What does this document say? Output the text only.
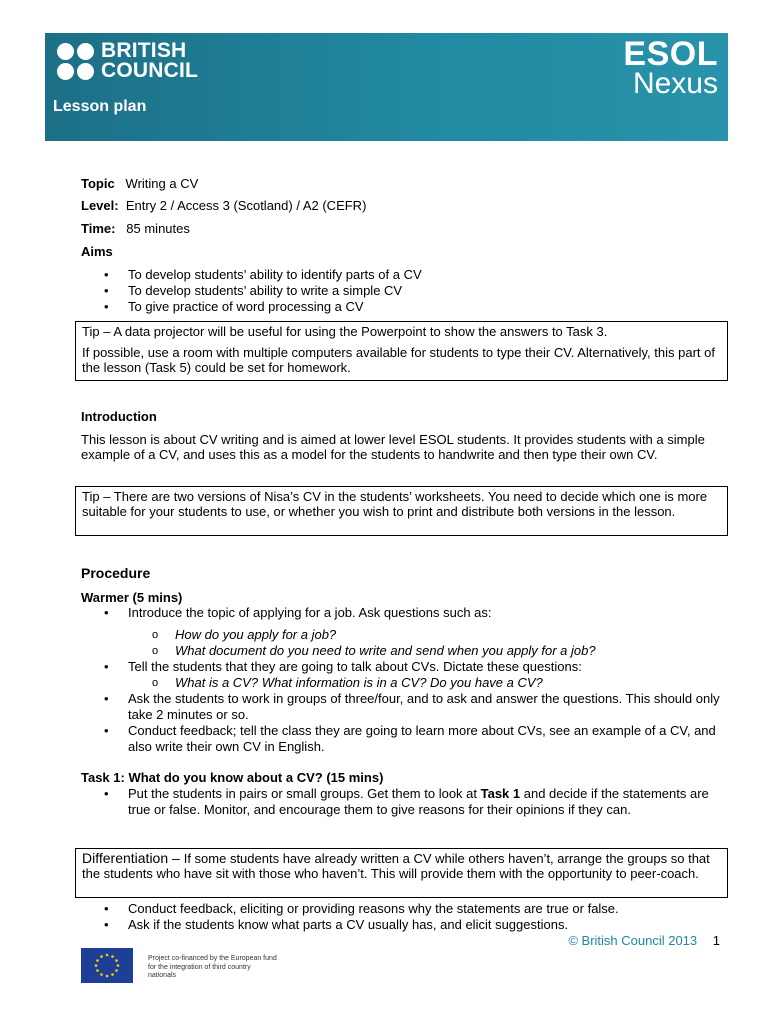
BRITISH
COUNCIL
Lesson plan
ESOL
Nexus
Topic Writing a CV
Level: Entry 2 / Access 3 (Scotland) / A2 (CEFR)
Time: 85 minutes
Aims
• To develop students’ ability to identify parts of a CV
• To develop students’ ability to write a simple CV
• To give practice of word processing a CV

Tip – A data projector will be useful for using the Powerpoint to show the answers to Task 3.

If possible, use a room with multiple computers available for students to type their CV. Alternatively, this part of the lesson (Task 5) could be set for homework.

Introduction
This lesson is about CV writing and is aimed at lower level ESOL students. It provides students with a simple example of a CV, and uses this as a model for the students to handwrite and then type their own CV.

Tip – There are two versions of Nisa’s CV in the students’ worksheets. You need to decide which one is more suitable for your students to use, or whether you wish to print and distribute both versions in the lesson.

Procedure
Warmer (5 mins)
• Introduce the topic of applying for a job. Ask questions such as:
o How do you apply for a job?
o What document do you need to write and send when you apply for a job?
• Tell the students that they are going to talk about CVs. Dictate these questions:
o What is a CV? What information is in a CV? Do you have a CV?
• Ask the students to work in groups of three/four, and to ask and answer the questions. This should only take 2 minutes or so.
• Conduct feedback; tell the class they are going to learn more about CVs, see an example of a CV, and also write their own CV in English.
Task 1: What do you know about a CV? (15 mins)
• Put the students in pairs or small groups. Get them to look at Task 1 and decide if the statements are true or false. Monitor, and encourage them to give reasons for their opinions if they can.

Differentiation – If some students have already written a CV while others haven’t, arrange the groups so that the students who have sit with those who haven’t. This will provide them with the opportunity to peer-coach.

• Conduct feedback, eliciting or providing reasons why the statements are true or false.
• Ask if the students know what parts a CV usually has, and elicit suggestions.
© British Council 2013 1
Project co-financed by the European fund for the integration of third country nationals
